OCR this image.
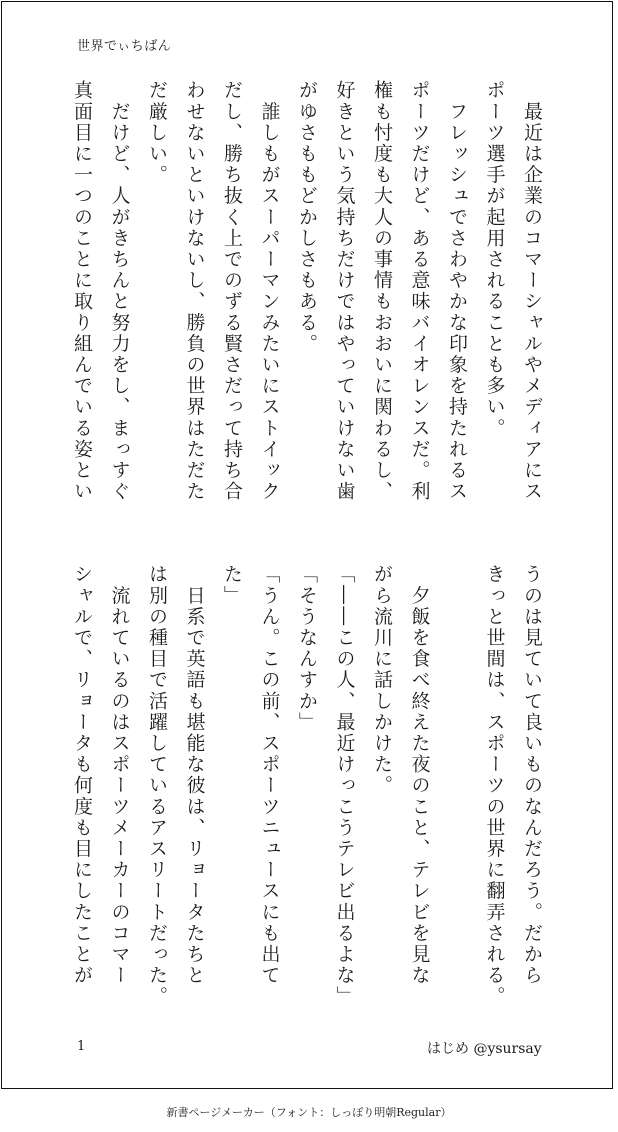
世界でぃちばん
　最近は企業のコマーシャルやメディアにス
ポーツ選手が起用されることも多い。
　フレッシュでさわやかな印象を持たれるス
ポーツだけど、ある意味バイオレンスだ。利
権も忖度も大人の事情もおおいに関わるし、
好きという気持ちだけではやっていけない歯
がゆさももどかしさもある。
　誰しもがスーパーマンみたいにストイック
だし、勝ち抜く上でのずる賢さだって持ち合
わせないといけないし、勝負の世界はただた
だ厳しい。
　だけど、人がきちんと努力をし、まっすぐ
真面目に一つのことに取り組んでいる姿とい
うのは見ていて良いものなんだろう。だから
きっと世間は、スポーツの世界に翻弄される。
　夕飯を食べ終えた夜のこと、テレビを見な
がら流川に話しかけた。
「――この人、最近けっこうテレビ出るよな」
「そうなんすか」
「うん。この前、スポーツニュースにも出て
た」
　日系で英語も堪能な彼は、リョータたちと
は別の種目で活躍しているアスリートだった。
　流れているのはスポーツメーカーのコマー
シャルで、リョータも何度も目にしたことが
1	はじめ @ysursay
新書ページメーカー（フォント：しっぽり明朝Regular）
